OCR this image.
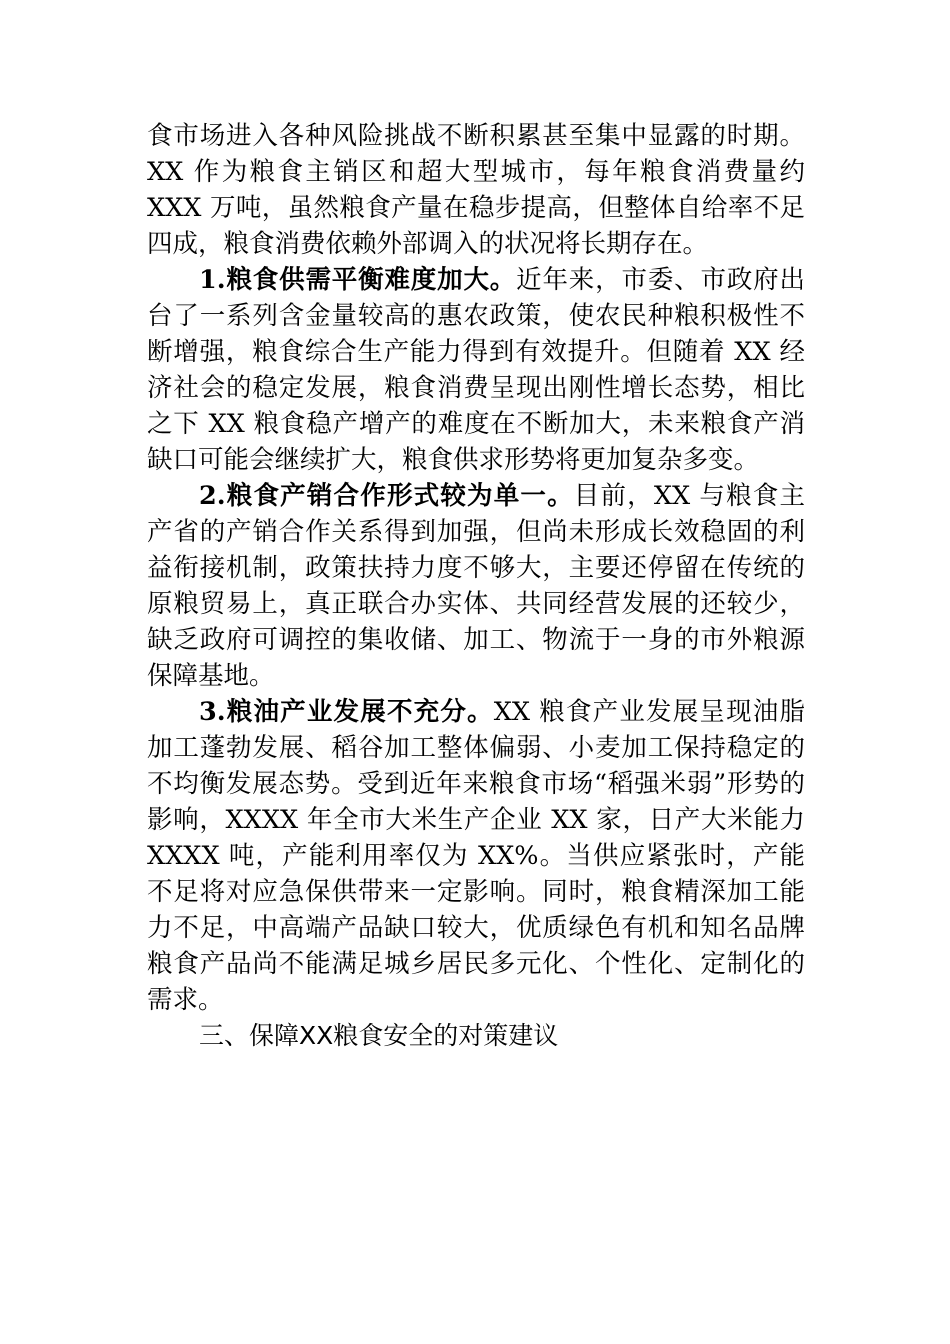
食市场进入各种风险挑战不断积累甚至集中显露的时期。XX 作为粮食主销区和超大型城市，每年粮食消费量约 XXX 万吨，虽然粮食产量在稳步提高，但整体自给率不足四成，粮食消费依赖外部调入的状况将长期存在。

1.粮食供需平衡难度加大。近年来，市委、市政府出台了一系列含金量较高的惠农政策，使农民种粮积极性不断增强，粮食综合生产能力得到有效提升。但随着 XX 经济社会的稳定发展，粮食消费呈现出刚性增长态势，相比之下 XX 粮食稳产增产的难度在不断加大，未来粮食产消缺口可能会继续扩大，粮食供求形势将更加复杂多变。

2.粮食产销合作形式较为单一。目前，XX 与粮食主产省的产销合作关系得到加强，但尚未形成长效稳固的利益衔接机制，政策扶持力度不够大，主要还停留在传统的原粮贸易上，真正联合办实体、共同经营发展的还较少，缺乏政府可调控的集收储、加工、物流于一身的市外粮源保障基地。

3.粮油产业发展不充分。XX 粮食产业发展呈现油脂加工蓬勃发展、稻谷加工整体偏弱、小麦加工保持稳定的不均衡发展态势。受到近年来粮食市场“稻强米弱”形势的影响，XXXX 年全市大米生产企业 XX 家，日产大米能力 XXXX 吨，产能利用率仅为 XX%。当供应紧张时，产能不足将对应急保供带来一定影响。同时，粮食精深加工能力不足，中高端产品缺口较大，优质绿色有机和知名品牌粮食产品尚不能满足城乡居民多元化、个性化、定制化的需求。

三、保障XX粮食安全的对策建议
